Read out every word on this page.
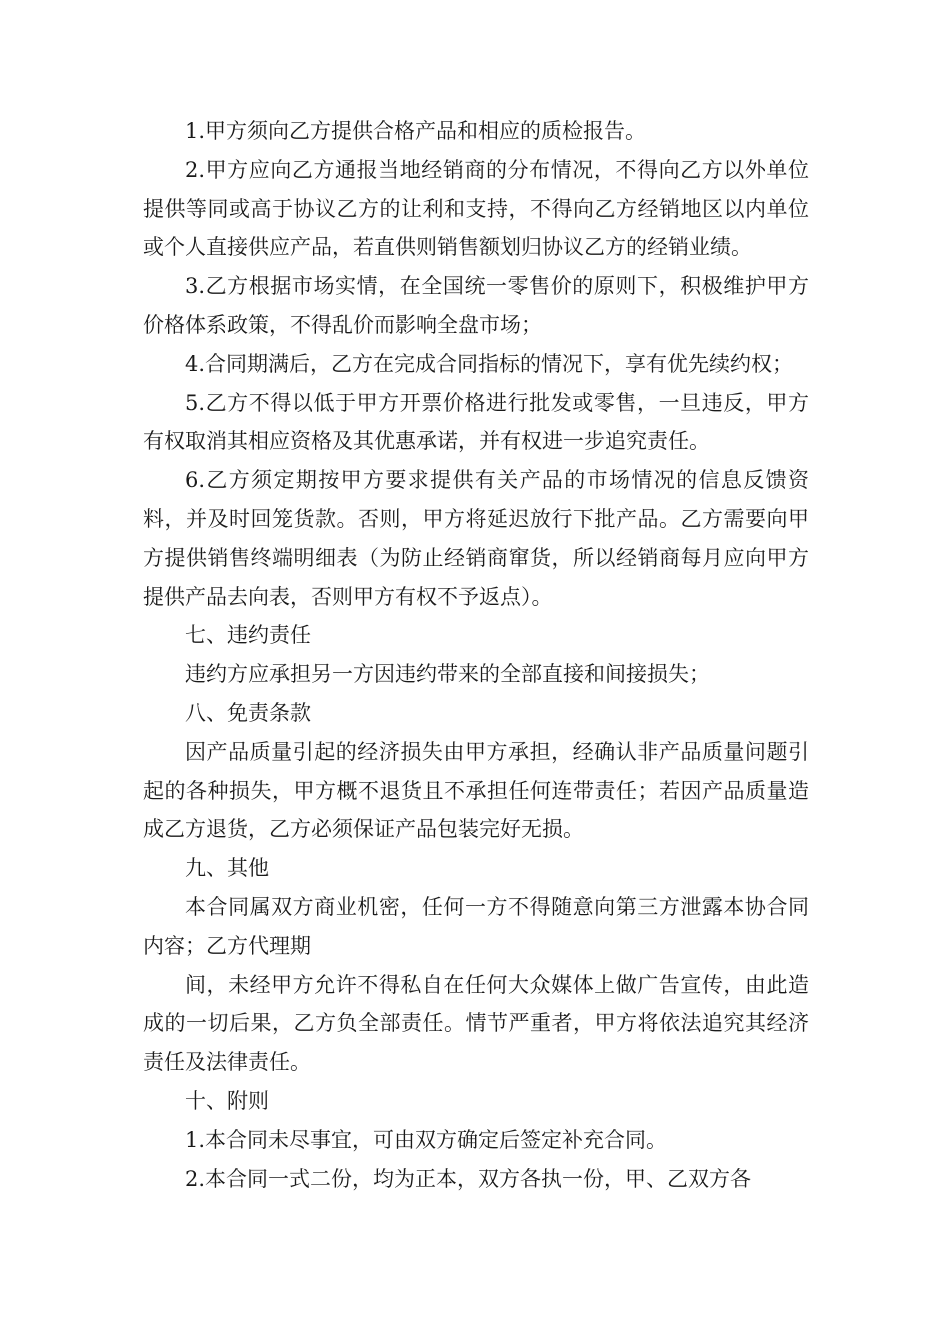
1.甲方须向乙方提供合格产品和相应的质检报告。

2.甲方应向乙方通报当地经销商的分布情况，不得向乙方以外单位提供等同或高于协议乙方的让利和支持，不得向乙方经销地区以内单位或个人直接供应产品，若直供则销售额划归协议乙方的经销业绩。

3.乙方根据市场实情，在全国统一零售价的原则下，积极维护甲方价格体系政策，不得乱价而影响全盘市场；

4.合同期满后，乙方在完成合同指标的情况下，享有优先续约权；

5.乙方不得以低于甲方开票价格进行批发或零售，一旦违反，甲方有权取消其相应资格及其优惠承诺，并有权进一步追究责任。

6.乙方须定期按甲方要求提供有关产品的市场情况的信息反馈资料，并及时回笼货款。否则，甲方将延迟放行下批产品。乙方需要向甲方提供销售终端明细表（为防止经销商窜货，所以经销商每月应向甲方提供产品去向表，否则甲方有权不予返点）。

七、违约责任

违约方应承担另一方因违约带来的全部直接和间接损失；

八、免责条款

因产品质量引起的经济损失由甲方承担，经确认非产品质量问题引起的各种损失，甲方概不退货且不承担任何连带责任；若因产品质量造成乙方退货，乙方必须保证产品包装完好无损。

九、其他

本合同属双方商业机密，任何一方不得随意向第三方泄露本协合同内容；乙方代理期

间，未经甲方允许不得私自在任何大众媒体上做广告宣传，由此造成的一切后果，乙方负全部责任。情节严重者，甲方将依法追究其经济责任及法律责任。

十、附则

1.本合同未尽事宜，可由双方确定后签定补充合同。

2.本合同一式二份，均为正本，双方各执一份，甲、乙双方各
